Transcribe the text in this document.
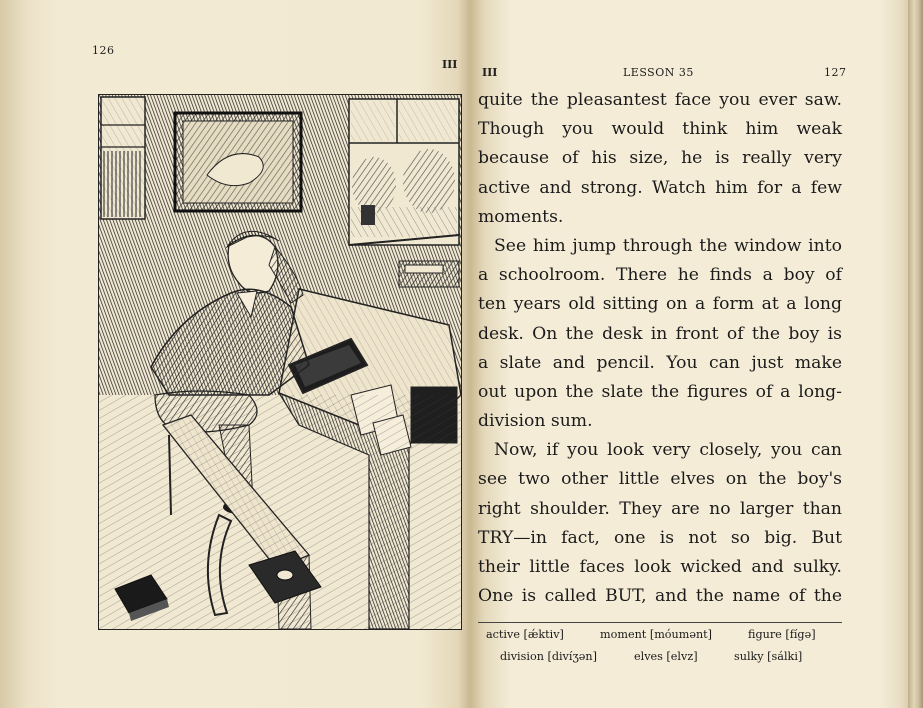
126
III
III	LESSON 35	127
quite the pleasantest face you ever saw.
Though you would think him weak
because of his size, he is really very
active and strong. Watch him for a few
moments.
See him jump through the window into
a schoolroom. There he finds a boy of
ten years old sitting on a form at a long
desk. On the desk in front of the boy is
a slate and pencil. You can just make
out upon the slate the figures of a long-
division sum.
Now, if you look very closely, you can
see two other little elves on the boy's
right shoulder. They are no larger than
TRY—in fact, one is not so big. But
their little faces look wicked and sulky.
One is called BUT, and the name of the
active [ǽktiv]	moment [móumənt]	figure [fígə]
division [divíʒən]	elves [elvz]	sulky [sálki]
